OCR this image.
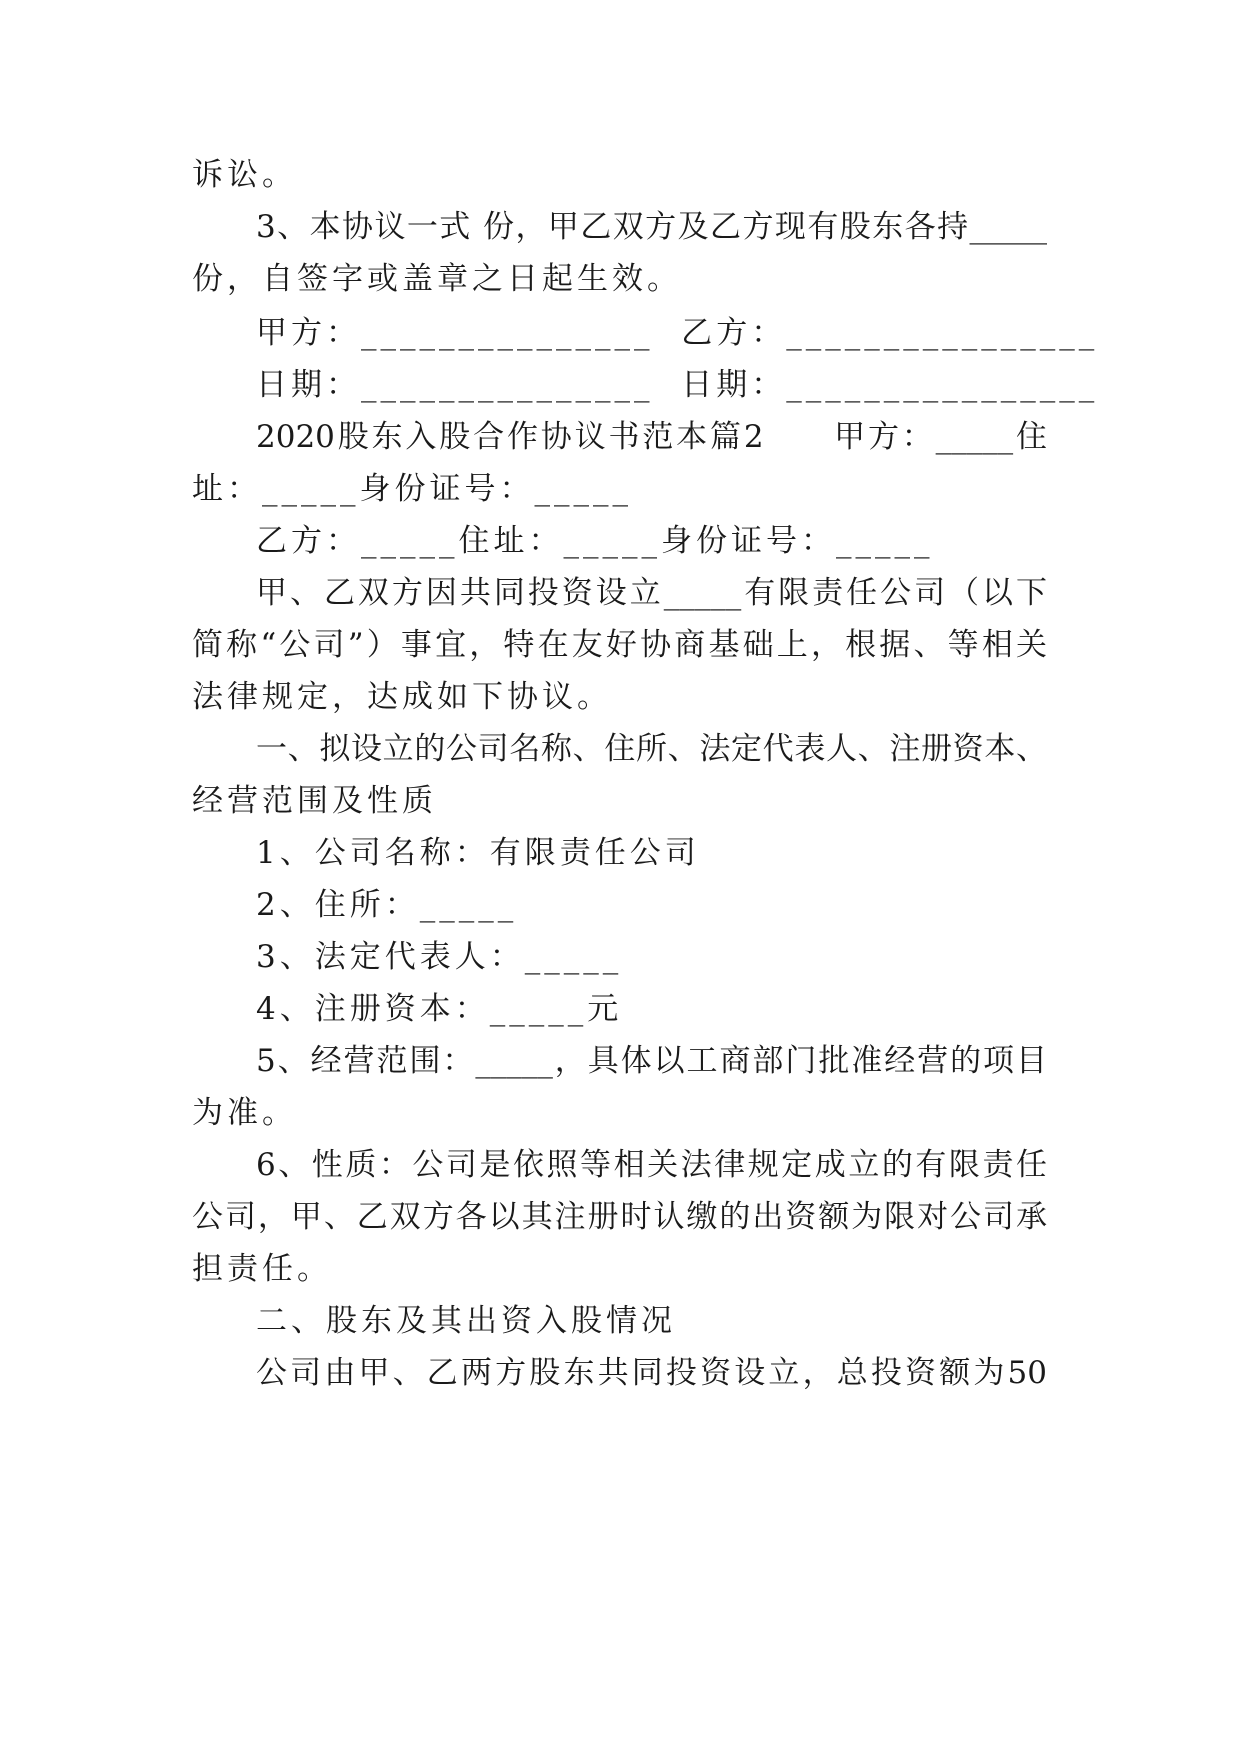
诉讼。
3、本协议一式 份，甲乙双方及乙方现有股东各持_____
份，自签字或盖章之日起生效。
甲方：_______________  乙方：________________
日期：_______________  日期：________________
2020股东入股合作协议书范本篇2　　甲方：_____住
址：_____身份证号：_____
乙方：_____住址：_____身份证号：_____
甲、乙双方因共同投资设立_____有限责任公司（以下
简称“公司”）事宜，特在友好协商基础上，根据、等相关
法律规定，达成如下协议。
一、拟设立的公司名称、住所、法定代表人、注册资本、
经营范围及性质
1、公司名称：有限责任公司
2、住所：_____
3、法定代表人：_____
4、注册资本：_____元
5、经营范围：_____，具体以工商部门批准经营的项目
为准。
6、性质：公司是依照等相关法律规定成立的有限责任
公司，甲、乙双方各以其注册时认缴的出资额为限对公司承
担责任。
二、股东及其出资入股情况
公司由甲、乙两方股东共同投资设立，总投资额为50
